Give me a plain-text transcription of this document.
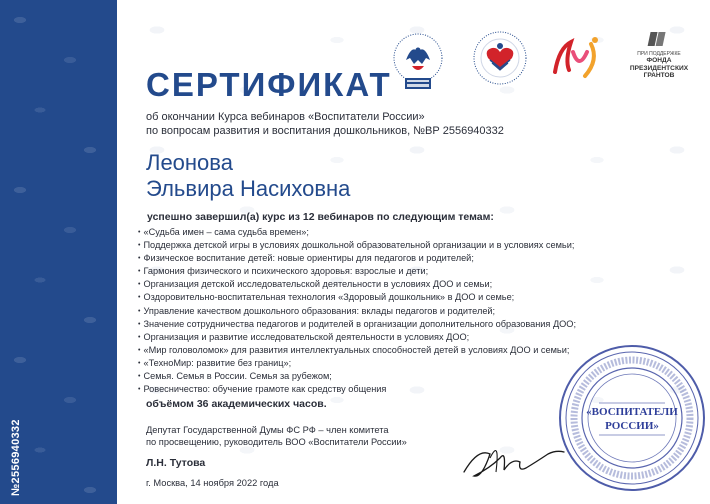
№2556940332
ПРИ ПОДДЕРЖКЕ
ФОНДА
ПРЕЗИДЕНТСКИХ
ГРАНТОВ
СЕРТИФИКАТ
об окончании Курса вебинаров «Воспитатели России»
по вопросам развития и воспитания дошкольников, №ВР 2556940332
Леонова
Эльвира Насиховна
успешно завершил(а) курс из 12 вебинаров по следующим темам:
• «Судьба имен – сама судьба времен»;
• Поддержка детской игры в условиях дошкольной образовательной организации и в условиях семьи;
• Физическое воспитание детей: новые ориентиры для педагогов и родителей;
• Гармония физического и психического здоровья: взрослые и дети;
• Организация детской исследовательской деятельности в условиях ДОО и семьи;
• Оздоровительно-воспитательная технология «Здоровый дошкольник» в ДОО и семье;
• Управление качеством дошкольного образования: вклады педагогов и родителей;
• Значение сотрудничества педагогов и родителей в организации дополнительного образования ДОО;
• Организация и развитие исследовательской деятельности в условиях ДОО;
• «Мир головоломок» для развития интеллектуальных способностей детей в условиях ДОО и семьи;
• «ТехноМир: развитие без границ»;
• Семья. Семья в России. Семья за рубежом;
• Ровесничество: обучение грамоте как средству общения
объёмом 36 академических часов.
Депутат Государственной Думы ФС РФ – член комитета
по просвещению, руководитель ВОО «Воспитатели России»
Л.Н. Тутова
г. Москва, 14 ноября 2022 года
«ВОСПИТАТЕЛИ
РОССИИ»
